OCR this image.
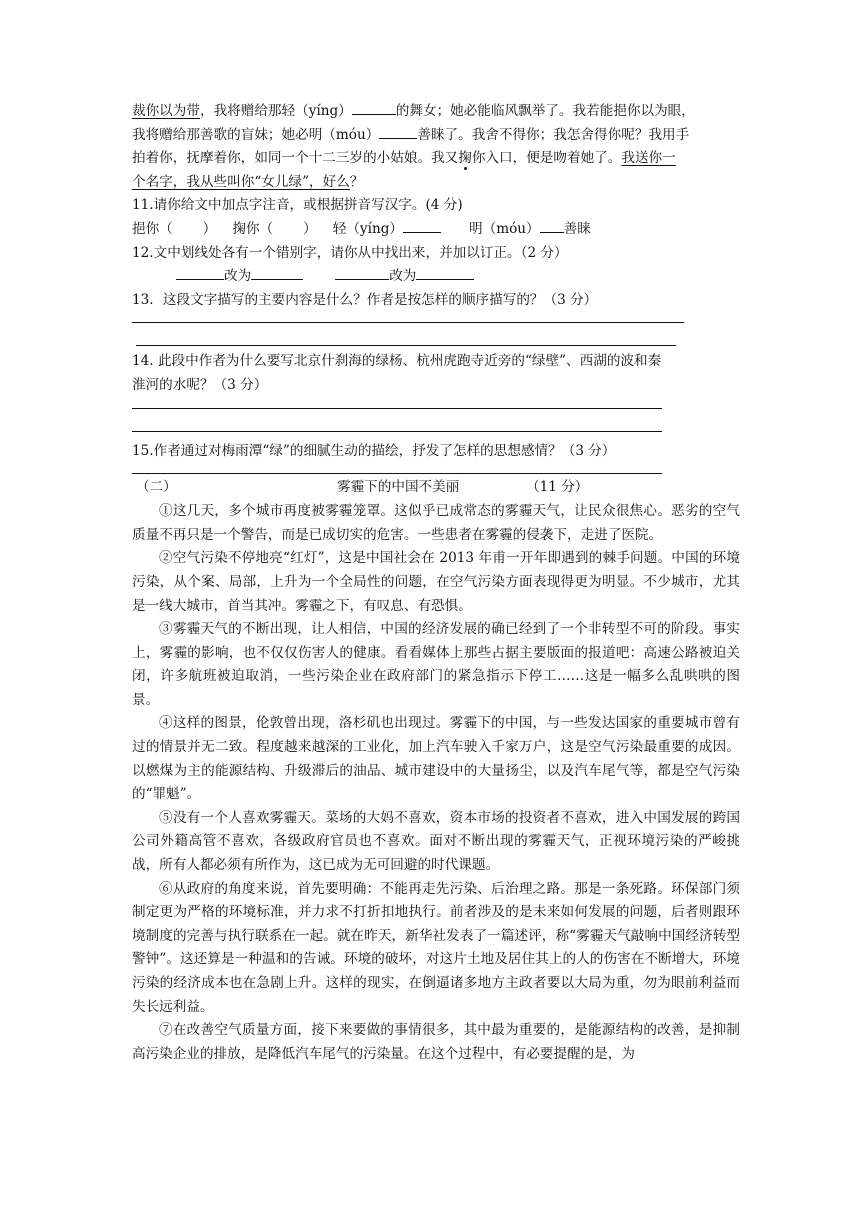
裁你以为带，我将赠给那轻（yíng）	的舞女；她必能临风飘举了。我若能挹你以为眼，
我将赠给那善歌的盲妹；她必明（móu）	善睐了。我舍不得你；我怎舍得你呢？我用手
拍着你，抚摩着你，如同一个十二三岁的小姑娘。我又掬你入口，便是吻着她了。我送你一
个名字，我从些叫你“女儿绿”，好么？
11.请你给文中加点字注音，或根据拼音写汉字。(4 分)
挹你（ ） 掬你（ ） 轻（yíng）	明（móu） 善睐
12.文中划线处各有一个错别字，请你从中找出来，并加以订正。（2 分）
改为	改为
13．这段文字描写的主要内容是什么？作者是按怎样的顺序描写的？（3 分）
14. 此段中作者为什么要写北京什刹海的绿杨、杭州虎跑寺近旁的“绿壁”、西湖的波和秦
淮河的水呢？（3 分）
15.作者通过对梅雨潭“绿”的细腻生动的描绘，抒发了怎样的思想感情？（3 分）
（二）	雾霾下的中国不美丽	（11 分）
①这几天，多个城市再度被雾霾笼罩。这似乎已成常态的雾霾天气，让民众很焦心。恶劣的空气质量不再只是一个警告，而是已成切实的危害。一些患者在雾霾的侵袭下，走进了医院。
②空气污染不停地亮“红灯”，这是中国社会在 2013 年甫一开年即遇到的棘手问题。中国的环境污染，从个案、局部，上升为一个全局性的问题，在空气污染方面表现得更为明显。不少城市，尤其是一线大城市，首当其冲。雾霾之下，有叹息、有恐惧。
③雾霾天气的不断出现，让人相信，中国的经济发展的确已经到了一个非转型不可的阶段。事实上，雾霾的影响，也不仅仅伤害人的健康。看看媒体上那些占据主要版面的报道吧：高速公路被迫关闭，许多航班被迫取消，一些污染企业在政府部门的紧急指示下停工……这是一幅多么乱哄哄的图景。
④这样的图景，伦敦曾出现，洛杉矶也出现过。雾霾下的中国，与一些发达国家的重要城市曾有过的情景并无二致。程度越来越深的工业化，加上汽车驶入千家万户，这是空气污染最重要的成因。以燃煤为主的能源结构、升级滞后的油品、城市建设中的大量扬尘，以及汽车尾气等，都是空气污染的“罪魁”。
⑤没有一个人喜欢雾霾天。菜场的大妈不喜欢，资本市场的投资者不喜欢，进入中国发展的跨国公司外籍高管不喜欢，各级政府官员也不喜欢。面对不断出现的雾霾天气，正视环境污染的严峻挑战，所有人都必须有所作为，这已成为无可回避的时代课题。
⑥从政府的角度来说，首先要明确：不能再走先污染、后治理之路。那是一条死路。环保部门须制定更为严格的环境标准，并力求不打折扣地执行。前者涉及的是未来如何发展的问题，后者则跟环境制度的完善与执行联系在一起。就在昨天，新华社发表了一篇述评，称“雾霾天气敲响中国经济转型警钟”。这还算是一种温和的告诫。环境的破坏，对这片土地及居住其上的人的伤害在不断增大，环境污染的经济成本也在急剧上升。这样的现实，在倒逼诸多地方主政者要以大局为重，勿为眼前利益而失长远利益。
⑦在改善空气质量方面，接下来要做的事情很多，其中最为重要的，是能源结构的改善，是抑制高污染企业的排放，是降低汽车尾气的污染量。在这个过程中，有必要提醒的是，为
